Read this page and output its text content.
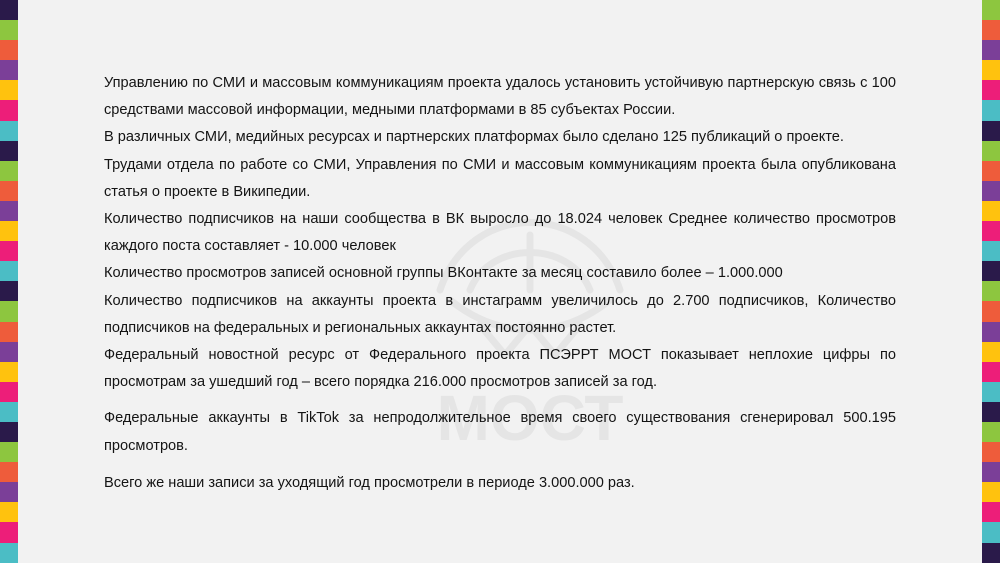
МОСТ

Управлению по СМИ и массовым коммуникациям проекта удалось установить устойчивую партнерскую связь с 100 средствами массовой информации, медными платформами в 85 субъектах России.

В различных СМИ, медийных ресурсах и партнерских платформах было сделано 125 публикаций о проекте.

Трудами отдела по работе со СМИ, Управления по СМИ и массовым коммуникациям проекта была опубликована статья о проекте в Википедии.

Количество подписчиков на наши сообщества в ВК выросло до 18.024 человек Среднее количество просмотров каждого поста составляет - 10.000 человек

Количество просмотров записей основной группы ВКонтакте за месяц составило более – 1.000.000

Количество подписчиков на аккаунты проекта в инстаграмм увеличилось до 2.700 подписчиков, Количество подписчиков на федеральных и региональных аккаунтах постоянно растет.

Федеральный новостной ресурс от Федерального проекта ПСЭРРТ МОСТ показывает неплохие цифры по просмотрам за ушедший год – всего порядка 216.000 просмотров записей за год.

Федеральные аккаунты в TikTok за непродолжительное время своего существования сгенерировал 500.195 просмотров.

Всего же наши записи за уходящий год просмотрели в периоде 3.000.000 раз.
